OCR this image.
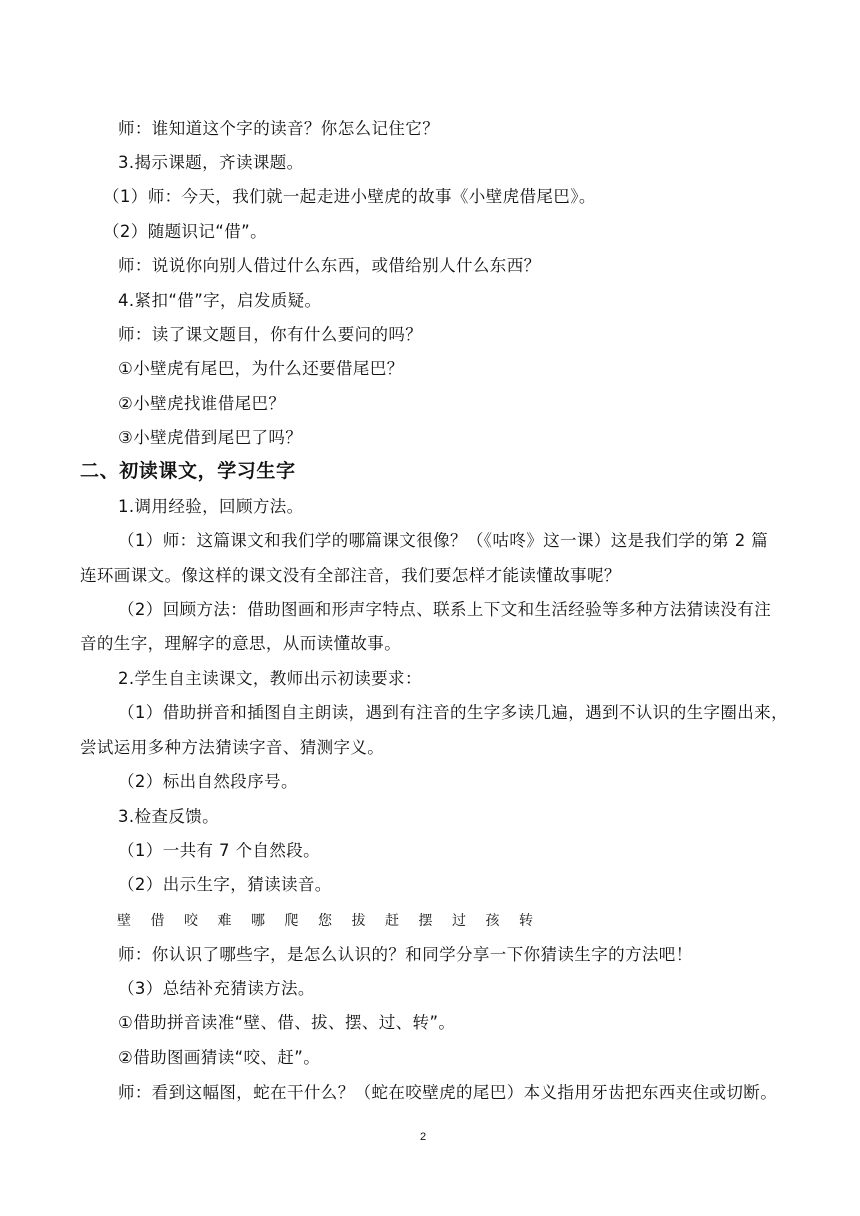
师：谁知道这个字的读音？你怎么记住它？
3.揭示课题，齐读课题。
（1）师：今天，我们就一起走进小壁虎的故事《小壁虎借尾巴》。
（2）随题识记“借”。
师：说说你向别人借过什么东西，或借给别人什么东西？
4.紧扣“借”字，启发质疑。
师：读了课文题目，你有什么要问的吗？
①小壁虎有尾巴，为什么还要借尾巴？
②小壁虎找谁借尾巴？
③小壁虎借到尾巴了吗？
二、初读课文，学习生字
1.调用经验，回顾方法。
（1）师：这篇课文和我们学的哪篇课文很像？（《咕咚》这一课）这是我们学的第 2 篇
连环画课文。像这样的课文没有全部注音，我们要怎样才能读懂故事呢？
（2）回顾方法：借助图画和形声字特点、联系上下文和生活经验等多种方法猜读没有注
音的生字，理解字的意思，从而读懂故事。
2.学生自主读课文，教师出示初读要求：
（1）借助拼音和插图自主朗读，遇到有注音的生字多读几遍，遇到不认识的生字圈出来，
尝试运用多种方法猜读字音、猜测字义。
（2）标出自然段序号。
3.检查反馈。
（1）一共有 7 个自然段。
（2）出示生字，猜读读音。
壁 借 咬 难 哪 爬 您 拔 赶 摆 过 孩 转
师：你认识了哪些字，是怎么认识的？和同学分享一下你猜读生字的方法吧！
（3）总结补充猜读方法。
①借助拼音读准“壁、借、拔、摆、过、转”。
②借助图画猜读“咬、赶”。
师：看到这幅图，蛇在干什么？（蛇在咬壁虎的尾巴）本义指用牙齿把东西夹住或切断。
2
